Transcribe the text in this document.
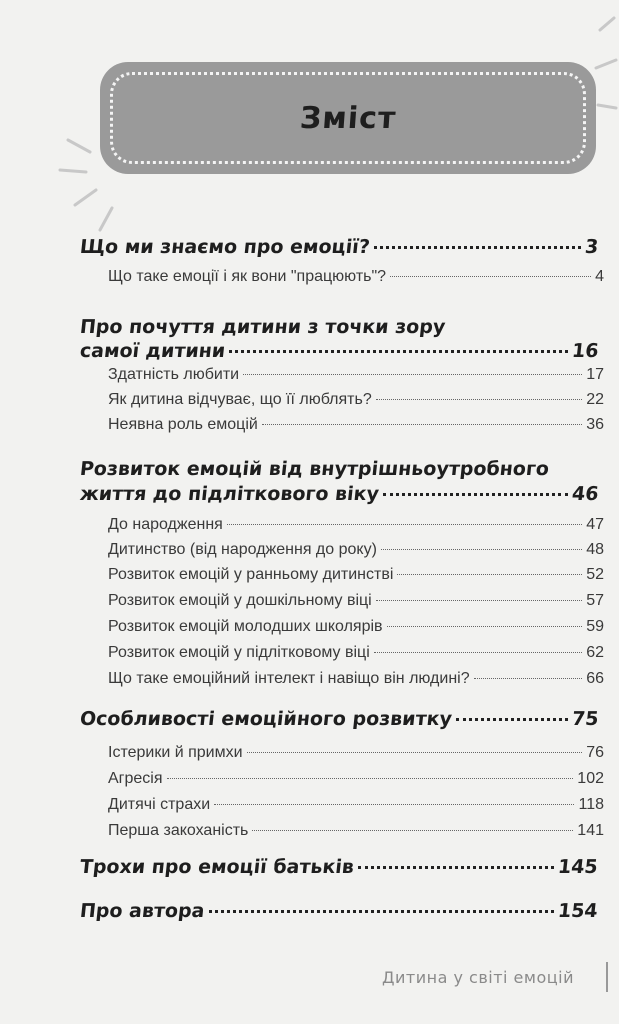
Зміст
Що ми знаємо про емоції?	3
Що таке емоції і як вони "працюють"?	4
Про почуття дитини з точки зору
самої дитини	16
Здатність любити	17
Як дитина відчуває, що її люблять?	22
Неявна роль емоцій	36
Розвиток емоцій від внутрішньоутробного
життя до підліткового віку	46
До народження	47
Дитинство (від народження до року)	48
Розвиток емоцій у ранньому дитинстві	52
Розвиток емоцій у дошкільному віці	57
Розвиток емоцій молодших школярів	59
Розвиток емоцій у підлітковому віці	62
Що таке емоційний інтелект і навіщо він людині?	66
Особливості емоційного розвитку	75
Істерики й примхи	76
Агресія	102
Дитячі страхи	118
Перша закоханість	141
Трохи про емоції батьків	145
Про автора	154
Дитина у світі емоцій
